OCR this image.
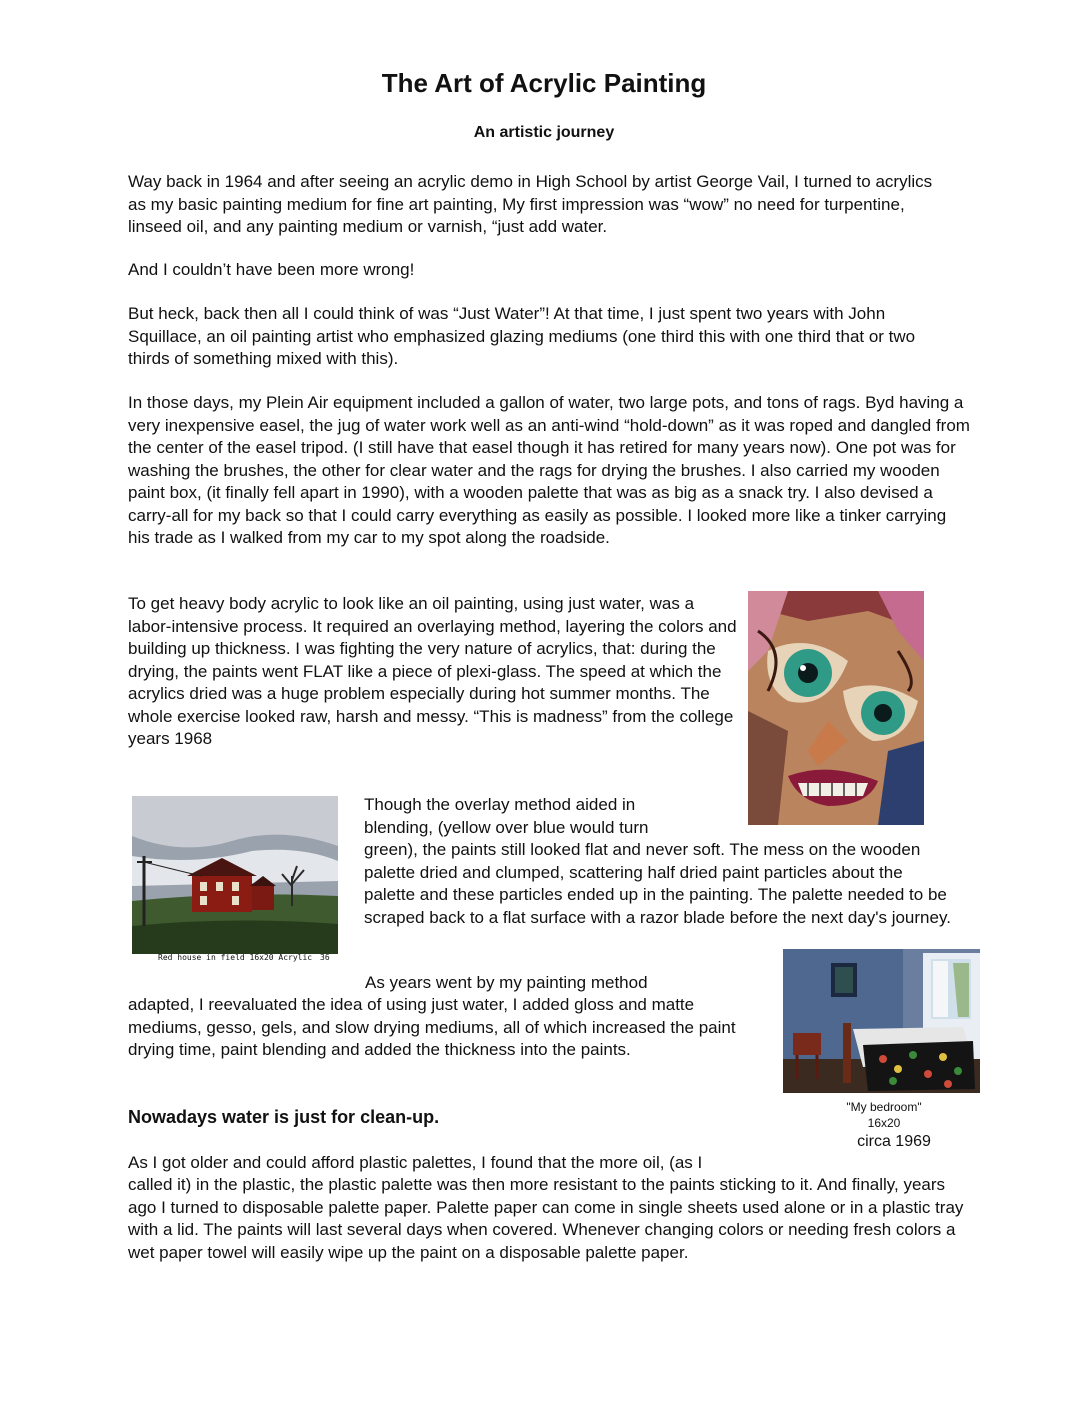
The Art of Acrylic Painting
An artistic journey

Way back in 1964 and after seeing an acrylic demo in High School by artist George Vail, I turned to acrylics as my basic painting medium for fine art painting, My first impression was “wow” no need for turpentine, linseed oil, and any painting medium or varnish, “just add water.

And I couldn’t have been more wrong!

But heck, back then all I could think of was “Just Water”! At that time, I just spent two years with John Squillace, an oil painting artist who emphasized glazing mediums (one third this with one third that or two thirds of something mixed with this).

In those days, my Plein Air equipment included a gallon of water, two large pots, and tons of rags. Byd having a very inexpensive easel, the jug of water work well as an anti-wind “hold-down” as it was roped and dangled from the center of the easel tripod. (I still have that easel though it has retired for many years now). One pot was for washing the brushes, the other for clear water and the rags for drying the brushes. I also carried my wooden paint box, (it finally fell apart in 1990), with a wooden palette that was as big as a snack try. I also devised a carry-all for my back so that I could carry everything as easily as possible. I looked more like a tinker carrying his trade as I walked from my car to my spot along the roadside.

To get heavy body acrylic to look like an oil painting, using just water, was a labor-intensive process. It required an overlaying method, layering the colors and building up thickness. I was fighting the very nature of acrylics, that: during the drying, the paints went FLAT like a piece of plexi-glass. The speed at which the acrylics dried was a huge problem especially during hot summer months. The whole exercise looked raw, harsh and messy. “This is madness” from the college years 1968

Red house in field 16x20 Acrylic 36

Though the overlay method aided in blending, (yellow over blue would turn

green), the paints still looked flat and never soft. The mess on the wooden palette dried and clumped, scattering half dried paint particles about the palette and these particles ended up in the painting. The palette needed to be scraped back to a flat surface with a razor blade before the next day's journey.

As years went by my painting method

adapted, I reevaluated the idea of using just water, I added gloss and matte mediums, gesso, gels, and slow drying mediums, all of which increased the paint drying time, paint blending and added the thickness into the paints.

"My bedroom"
16x20
circa 1969
Nowadays water is just for clean-up.

As I got older and could afford plastic palettes, I found that the more oil, (as I

called it) in the plastic, the plastic palette was then more resistant to the paints sticking to it. And finally, years ago I turned to disposable palette paper. Palette paper can come in single sheets used alone or in a plastic tray with a lid. The paints will last several days when covered. Whenever changing colors or needing fresh colors a wet paper towel will easily wipe up the paint on a disposable palette paper.
